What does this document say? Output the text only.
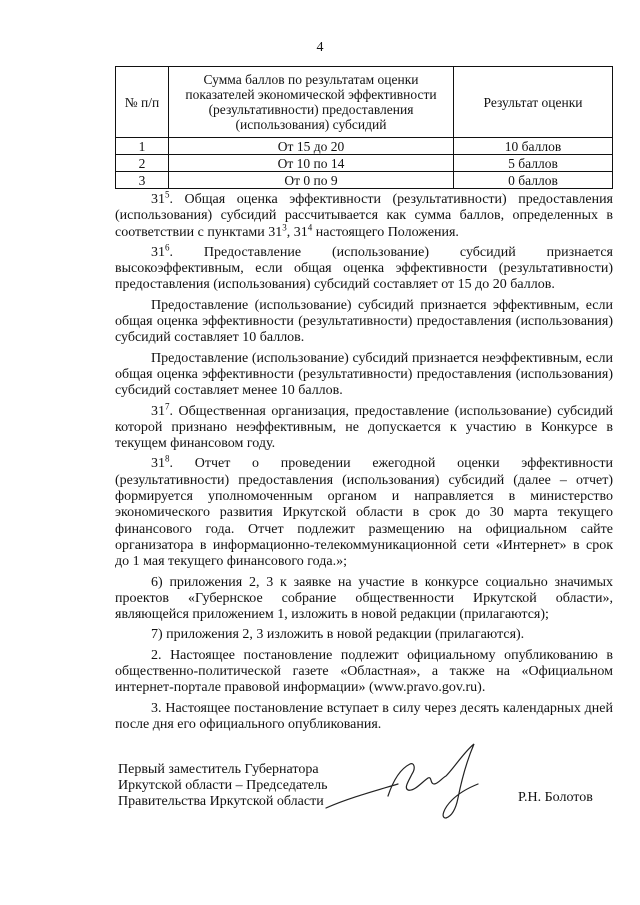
4
№ п/п	Сумма баллов по результатам оценки показателей экономической эффективности (результативности) предоставления (использования) субсидий	Результат оценки
1	От 15 до 20	10 баллов
2	От 10 по 14	5 баллов
3	От 0 по 9	0 баллов

$31^5$. Общая оценка эффективности (результативности) предоставления (использования) субсидий рассчитывается как сумма баллов, определенных в соответствии с пунктами $31^3$, $31^4$ настоящего Положения.

$31^6$. Предоставление (использование) субсидий признается высокоэффективным, если общая оценка эффективности (результативности) предоставления (использования) субсидий составляет от 15 до 20 баллов.

Предоставление (использование) субсидий признается эффективным, если общая оценка эффективности (результативности) предоставления (использования) субсидий составляет 10 баллов.

Предоставление (использование) субсидий признается неэффективным, если общая оценка эффективности (результативности) предоставления (использования) субсидий составляет менее 10 баллов.

$31^7$. Общественная организация, предоставление (использование) субсидий которой признано неэффективным, не допускается к участию в Конкурсе в текущем финансовом году.

$31^8$. Отчет о проведении ежегодной оценки эффективности (результативности) предоставления (использования) субсидий (далее – отчет) формируется уполномоченным органом и направляется в министерство экономического развития Иркутской области в срок до 30 марта текущего финансового года. Отчет подлежит размещению на официальном сайте организатора в информационно-телекоммуникационной сети «Интернет» в срок до 1 мая текущего финансового года.»;

6) приложения 2, 3 к заявке на участие в конкурсе социально значимых проектов «Губернское собрание общественности Иркутской области», являющейся приложением 1, изложить в новой редакции (прилагаются);

7) приложения 2, 3 изложить в новой редакции (прилагаются).

2. Настоящее постановление подлежит официальному опубликованию в общественно-политической газете «Областная», а также на «Официальном интернет-портале правовой информации» (www.pravo.gov.ru).

3. Настоящее постановление вступает в силу через десять календарных дней после дня его официального опубликования.

Первый заместитель Губернатора
Иркутской области – Председатель
Правительства Иркутской области	Р.Н. Болотов
